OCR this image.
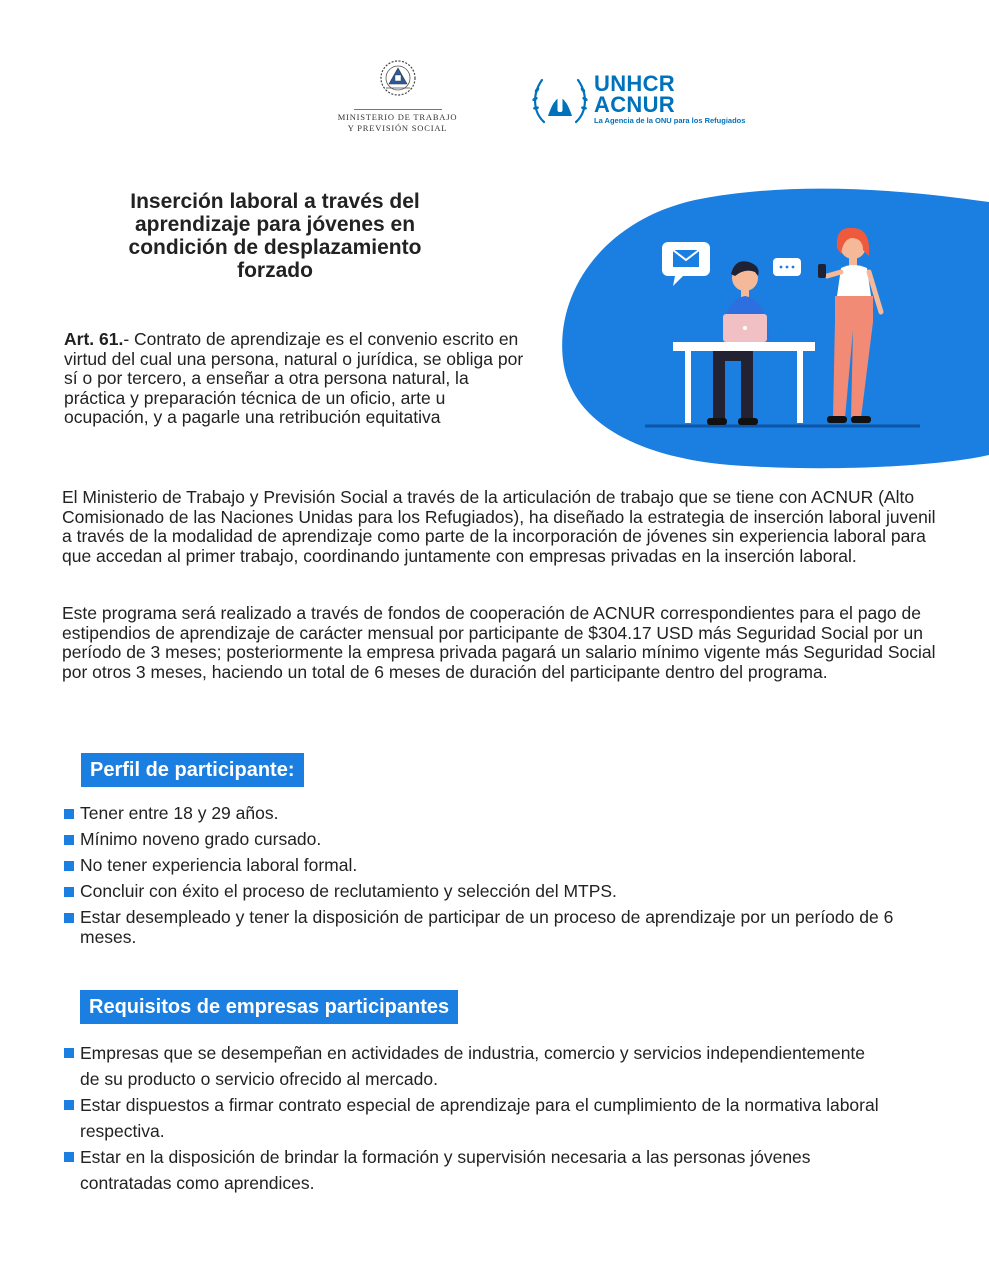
MINISTERIO DE TRABAJO
Y PREVISIÓN SOCIAL
UNHCR
ACNUR
La Agencia de la ONU para los Refugiados
Inserción laboral a través del aprendizaje para jóvenes en condición de desplazamiento forzado
Art. 61.- Contrato de aprendizaje es el convenio escrito en virtud del cual una persona, natural o jurídica, se obliga por sí o por tercero, a enseñar a otra persona natural, la práctica y preparación técnica de un oficio, arte u ocupación, y a pagarle una retribución equitativa
El Ministerio de Trabajo y Previsión Social a través de la articulación de trabajo que se tiene con ACNUR (Alto Comisionado de las Naciones Unidas para los Refugiados), ha diseñado la estrategia de inserción laboral juvenil a través de la modalidad de aprendizaje como parte de la incorporación de jóvenes sin experiencia laboral para que accedan al primer trabajo, coordinando juntamente con empresas privadas en la inserción laboral.
Este programa será realizado a través de fondos de cooperación de ACNUR correspondientes para el pago de estipendios de aprendizaje de carácter mensual por participante de $304.17 USD más Seguridad Social por un período de 3 meses; posteriormente la empresa privada pagará un salario mínimo vigente más Seguridad Social por otros 3 meses, haciendo un total de 6 meses de duración del participante dentro del programa.
Perfil de participante:
Tener entre 18 y 29 años.
Mínimo noveno grado cursado.
No tener experiencia laboral formal.
Concluir con éxito el proceso de reclutamiento y selección del MTPS.
Estar desempleado y tener la disposición de participar de un proceso de aprendizaje por un período de 6 meses.
Requisitos de empresas participantes
Empresas que se desempeñan en actividades de industria, comercio y servicios independientemente de su producto o servicio ofrecido al mercado.
Estar dispuestos a firmar contrato especial de aprendizaje para el cumplimiento de la normativa laboral respectiva.
Estar en la disposición de brindar la formación y supervisión necesaria a las personas jóvenes contratadas como aprendices.
